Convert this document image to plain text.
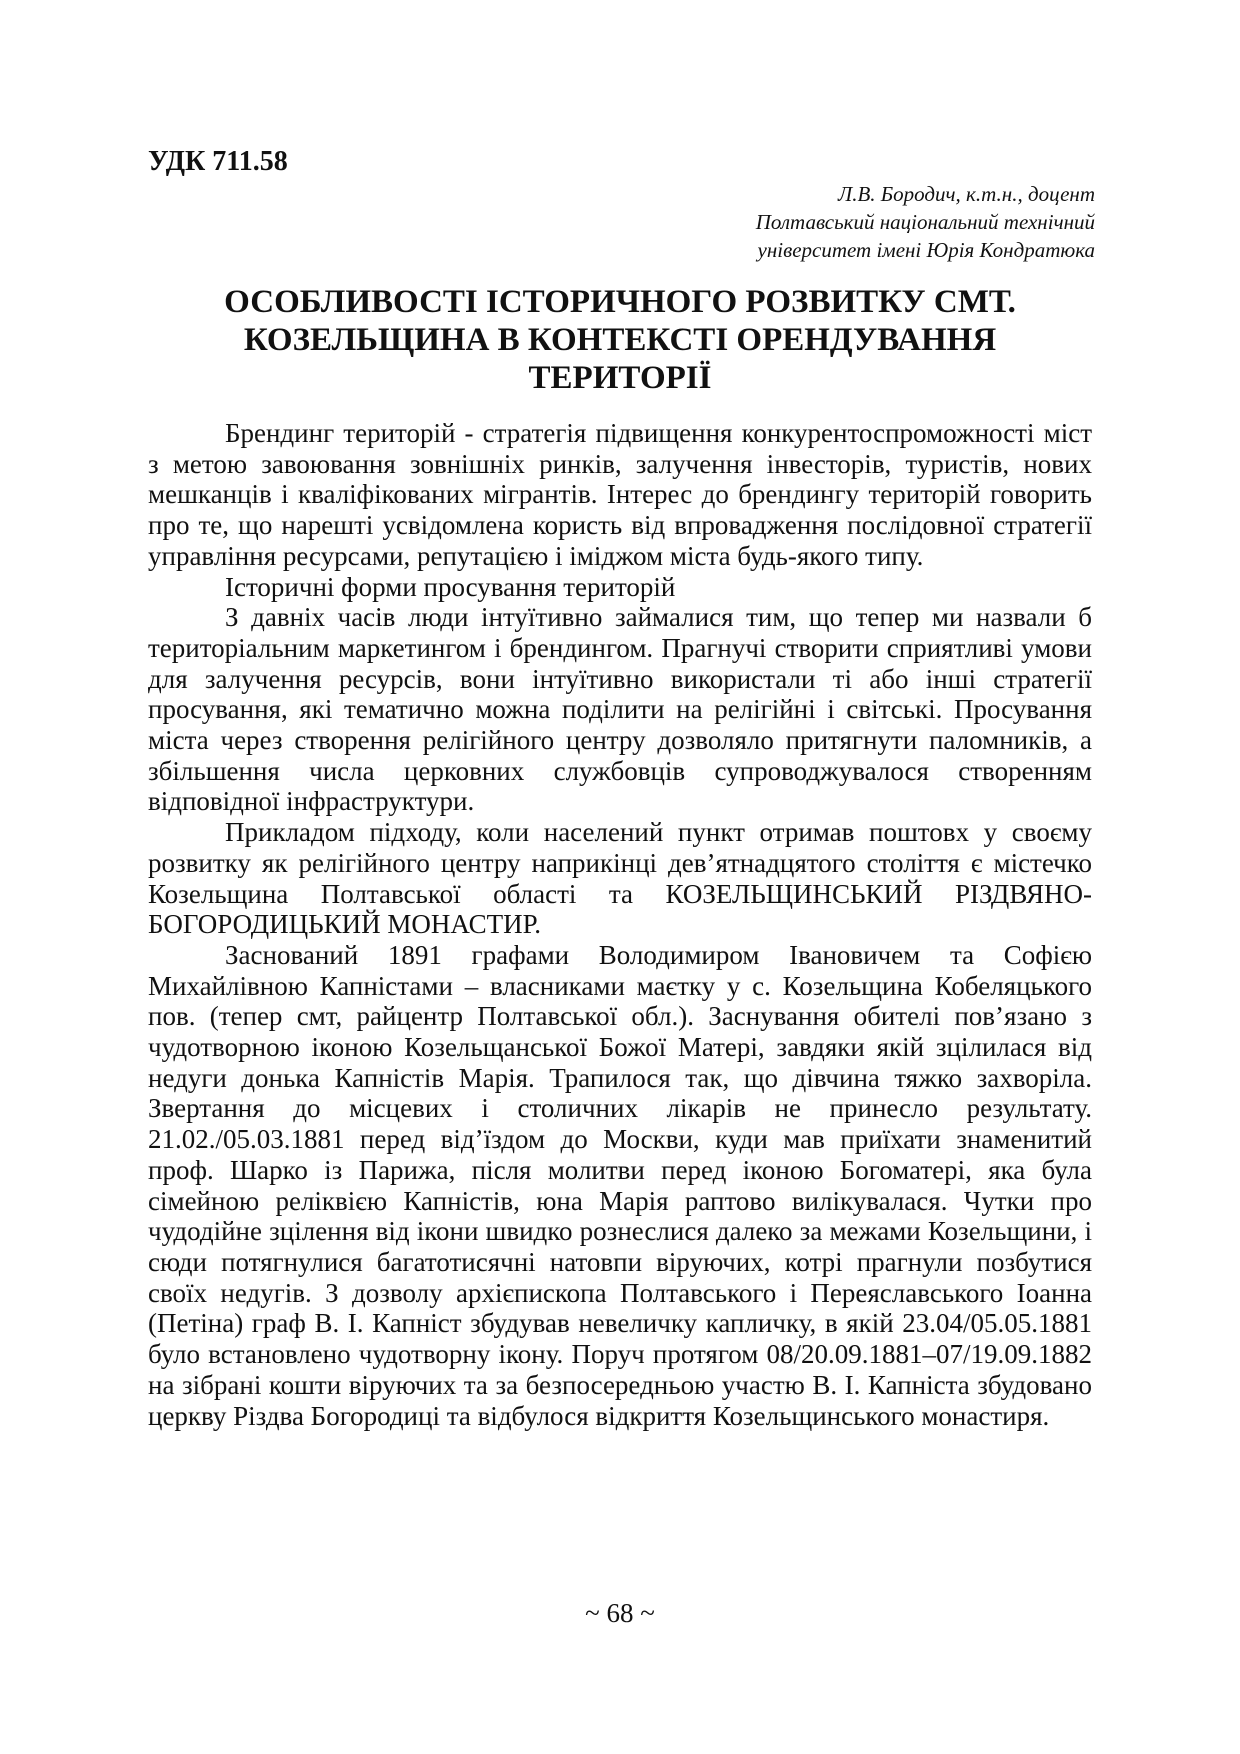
УДК 711.58
Л.В. Бородич, к.т.н., доцент
Полтавський національний технічний
університет імені Юрія Кондратюка
ОСОБЛИВОСТІ ІСТОРИЧНОГО РОЗВИТКУ СМТ.
КОЗЕЛЬЩИНА В КОНТЕКСТІ ОРЕНДУВАННЯ
ТЕРИТОРІЇ

Брендинг територій - стратегія підвищення конкурентоспроможності міст з метою завоювання зовнішніх ринків, залучення інвесторів, туристів, нових мешканців і кваліфікованих мігрантів. Інтерес до брендингу територій говорить про те, що нарешті усвідомлена користь від впровадження послідовної стратегії управління ресурсами, репутацією і іміджом міста будь-якого типу.

Історичні форми просування територій

З давніх часів люди інтуїтивно займалися тим, що тепер ми назвали б територіальним маркетингом і брендингом. Прагнучі створити сприятливі умови для залучення ресурсів, вони інтуїтивно використали ті або інші стратегії просування, які тематично можна поділити на релігійні і світські. Просування міста через створення релігійного центру дозволяло притягнути паломників, а збільшення числа церковних службовців супроводжувалося створенням відповідної інфраструктури.

Прикладом підходу, коли населений пункт отримав поштовх у своєму розвитку як релігійного центру наприкінці дев’ятнадцятого століття є містечко Козельщина Полтавської області та КОЗЕЛЬЩИНСЬКИЙ РІЗДВЯНО-БОГОРОДИЦЬКИЙ МОНАСТИР.

Заснований 1891 графами Володимиром Івановичем та Софією Михайлівною Капністами – власниками маєтку у с. Козельщина Кобеляцького пов. (тепер смт, райцентр Полтавської обл.). Заснування обителі пов’язано з чудотворною іконою Козельщанської Божої Матері, завдяки якій зцілилася від недуги донька Капністів Марія. Трапилося так, що дівчина тяжко захворіла. Звертання до місцевих і столичних лікарів не принесло результату. 21.02./05.03.1881 перед від’їздом до Москви, куди мав приїхати знаменитий проф. Шарко із Парижа, після молитви перед іконою Богоматері, яка була сімейною реліквією Капністів, юна Марія раптово вилікувалася. Чутки про чудодійне зцілення від ікони швидко рознеслися далеко за межами Козельщини, і сюди потягнулися багатотисячні натовпи віруючих, котрі прагнули позбутися своїх недугів. З дозволу архієпископа Полтавського і Переяславського Іоанна (Петіна) граф В. І. Капніст збудував невеличку капличку, в якій 23.04/05.05.1881 було встановлено чудотворну ікону. Поруч протягом 08/20.09.1881–07/19.09.1882 на зібрані кошти віруючих та за безпосередньою участю В. І. Капніста збудовано церкву Різдва Богородиці та відбулося відкриття Козельщинського монастиря.

~ 68 ~
